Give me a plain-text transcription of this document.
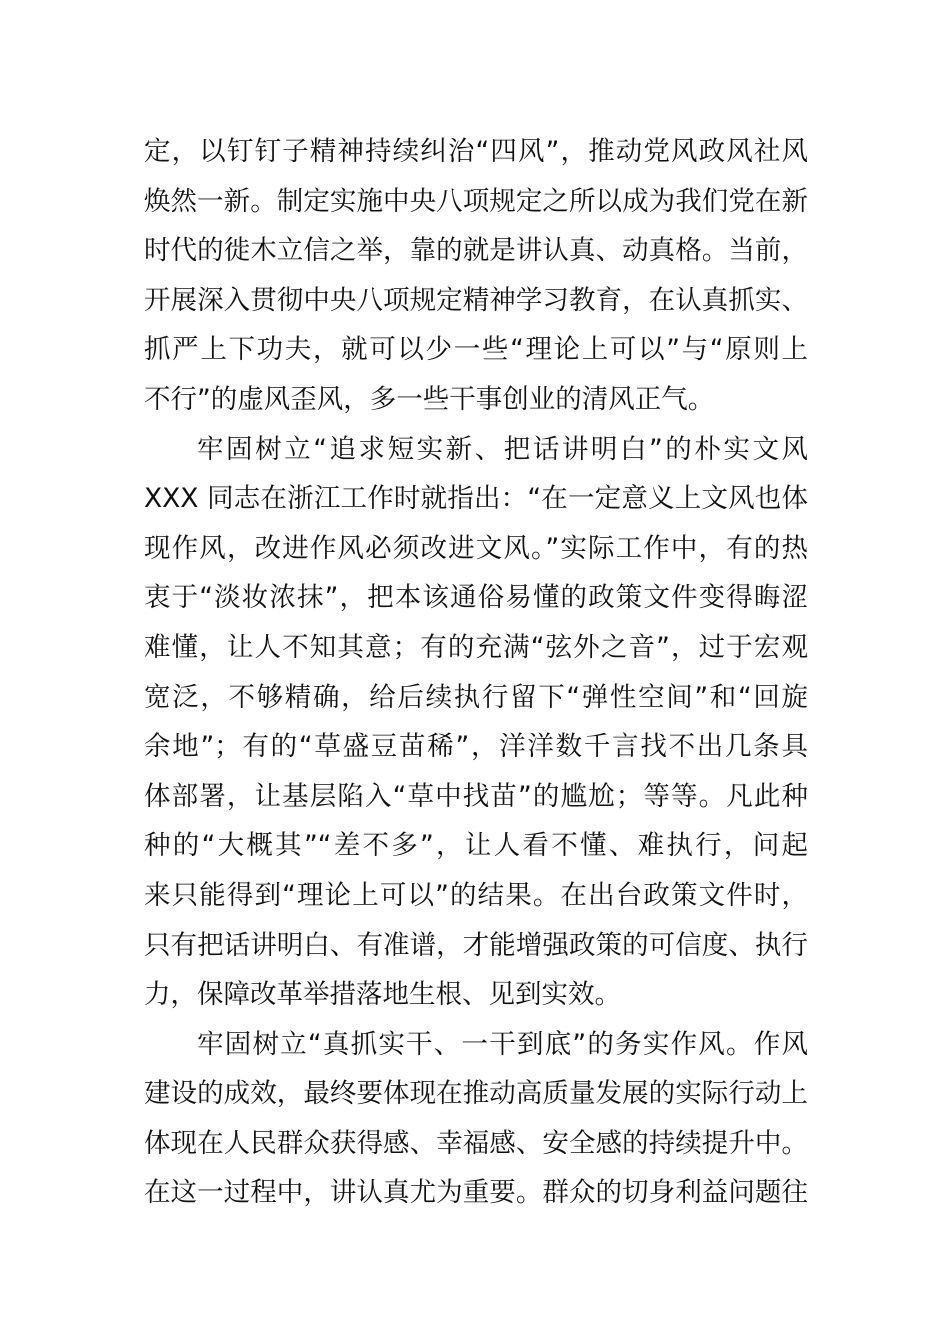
定，以钉钉子精神持续纠治“四风”，推动党风政风社风
焕然一新。制定实施中央八项规定之所以成为我们党在新
时代的徙木立信之举，靠的就是讲认真、动真格。当前，
开展深入贯彻中央八项规定精神学习教育，在认真抓实、
抓严上下功夫，就可以少一些“理论上可以”与“原则上
不行”的虚风歪风，多一些干事创业的清风正气。
牢固树立“追求短实新、把话讲明白”的朴实文风
XXX 同志在浙江工作时就指出：“在一定意义上文风也体
现作风，改进作风必须改进文风。”实际工作中，有的热
衷于“淡妆浓抹”，把本该通俗易懂的政策文件变得晦涩
难懂，让人不知其意；有的充满“弦外之音”，过于宏观
宽泛，不够精确，给后续执行留下“弹性空间”和“回旋
余地”；有的“草盛豆苗稀”，洋洋数千言找不出几条具
体部署，让基层陷入“草中找苗”的尴尬；等等。凡此种
种的“大概其”“差不多”，让人看不懂、难执行，问起
来只能得到“理论上可以”的结果。在出台政策文件时，
只有把话讲明白、有准谱，才能增强政策的可信度、执行
力，保障改革举措落地生根、见到实效。
牢固树立“真抓实干、一干到底”的务实作风。作风
建设的成效，最终要体现在推动高质量发展的实际行动上
体现在人民群众获得感、幸福感、安全感的持续提升中。
在这一过程中，讲认真尤为重要。群众的切身利益问题往
